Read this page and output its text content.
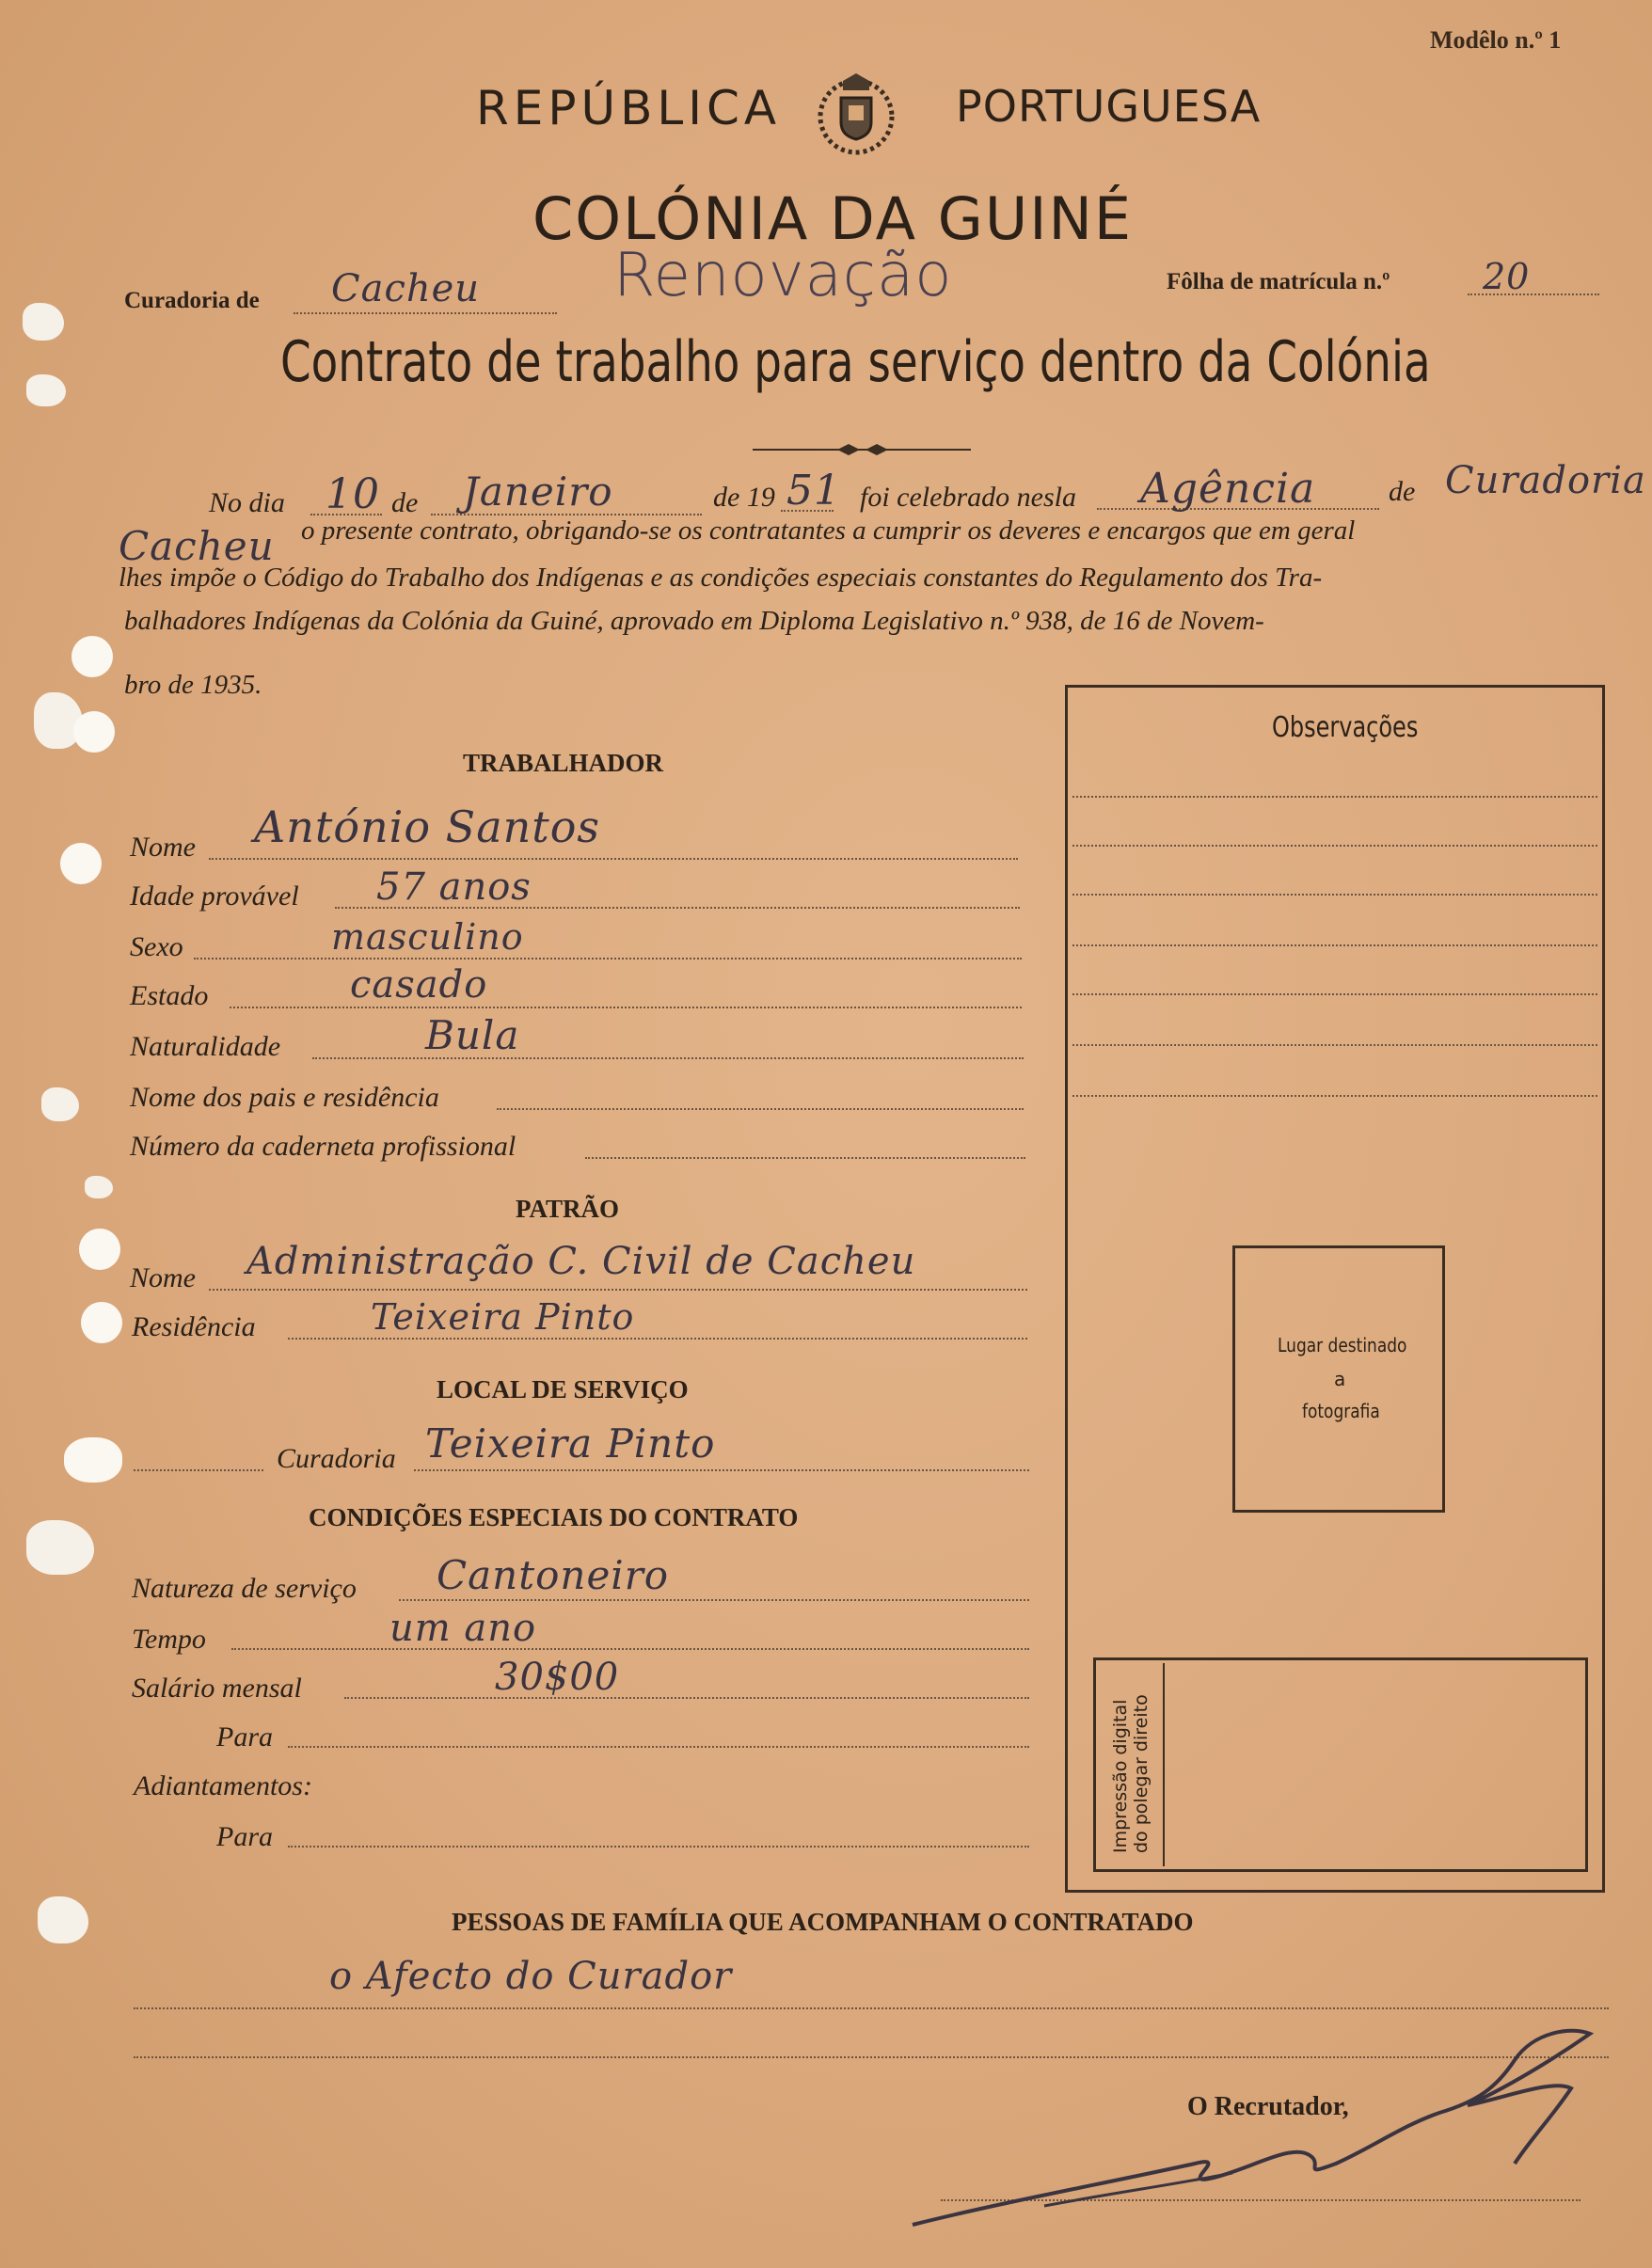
Modêlo n.º 1
REPÚBLICA	PORTUGUESA
COLÓNIA DA GUINÉ
Curadoria de Cacheu Renovação	Fôlha de matrícula n.º	20
Contrato de trabalho para serviço dentro da Colónia
No dia 10 de Janeiro	de 19 51 foi celebrado nesla Agência	de Curadoria
Cacheu o presente contrato, obrigando-se os contratantes a cumprir os deveres e encargos que em geral
lhes impõe o Código do Trabalho dos Indígenas e as condições especiais constantes do Regulamento dos Tra-
balhadores Indígenas da Colónia da Guiné, aprovado em Diploma Legislativo n.º 938, de 16 de Novem-
bro de 1935.
TRABALHADOR
Nome António Santos
Idade provável 57 anos
Sexo	masculino
Estado	casado
Naturalidade	Bula
Nome dos pais e residência
Número da caderneta profissional
PATRÃO
Nome Administração C. Civil de Cacheu
Residência	Teixeira Pinto
LOCAL DE SERVIÇO
Curadoria Teixeira Pinto
CONDIÇÕES ESPECIAIS DO CONTRATO
Natureza de serviço Cantoneiro
Tempo	um ano
Salário mensal	30$00
Para
Adiantamentos:
Para
Observações
Lugar destinado
a
fotografia
Impressão digital do polegar direito
PESSOAS DE FAMÍLIA QUE ACOMPANHAM O CONTRATADO
o Afecto do Curador
O Recrutador,
